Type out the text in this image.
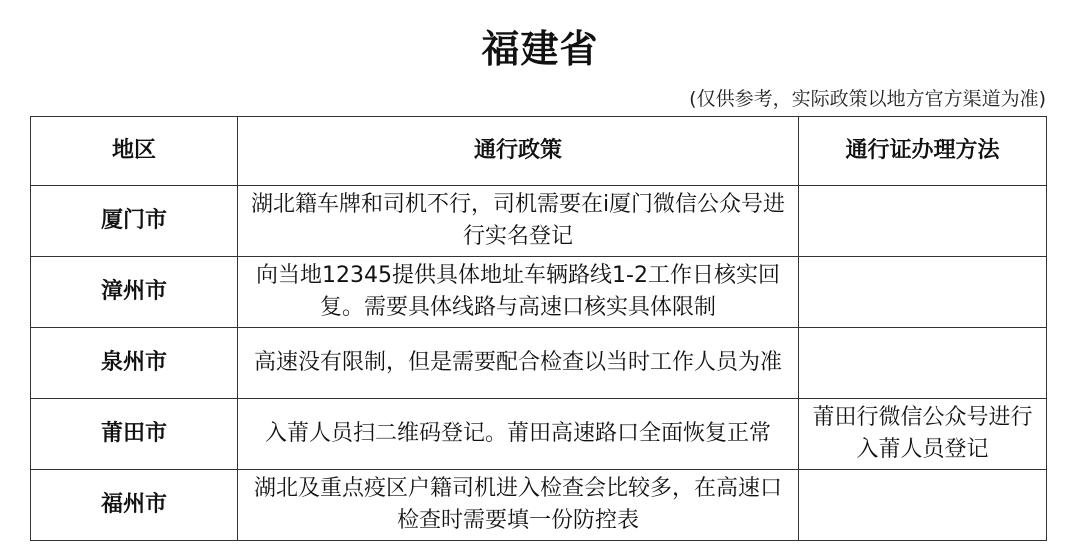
福建省
(仅供参考，实际政策以地方官方渠道为准)
地区	通行政策	通行证办理方法
厦门市	湖北籍车牌和司机不行，司机需要在i厦门微信公众号进行实名登记	
漳州市	向当地12345提供具体地址车辆路线1-2工作日核实回复。需要具体线路与高速口核实具体限制	
泉州市	高速没有限制，但是需要配合检查以当时工作人员为准	
莆田市	入莆人员扫二维码登记。莆田高速路口全面恢复正常	莆田行微信公众号进行入莆人员登记
福州市	湖北及重点疫区户籍司机进入检查会比较多，在高速口检查时需要填一份防控表	
